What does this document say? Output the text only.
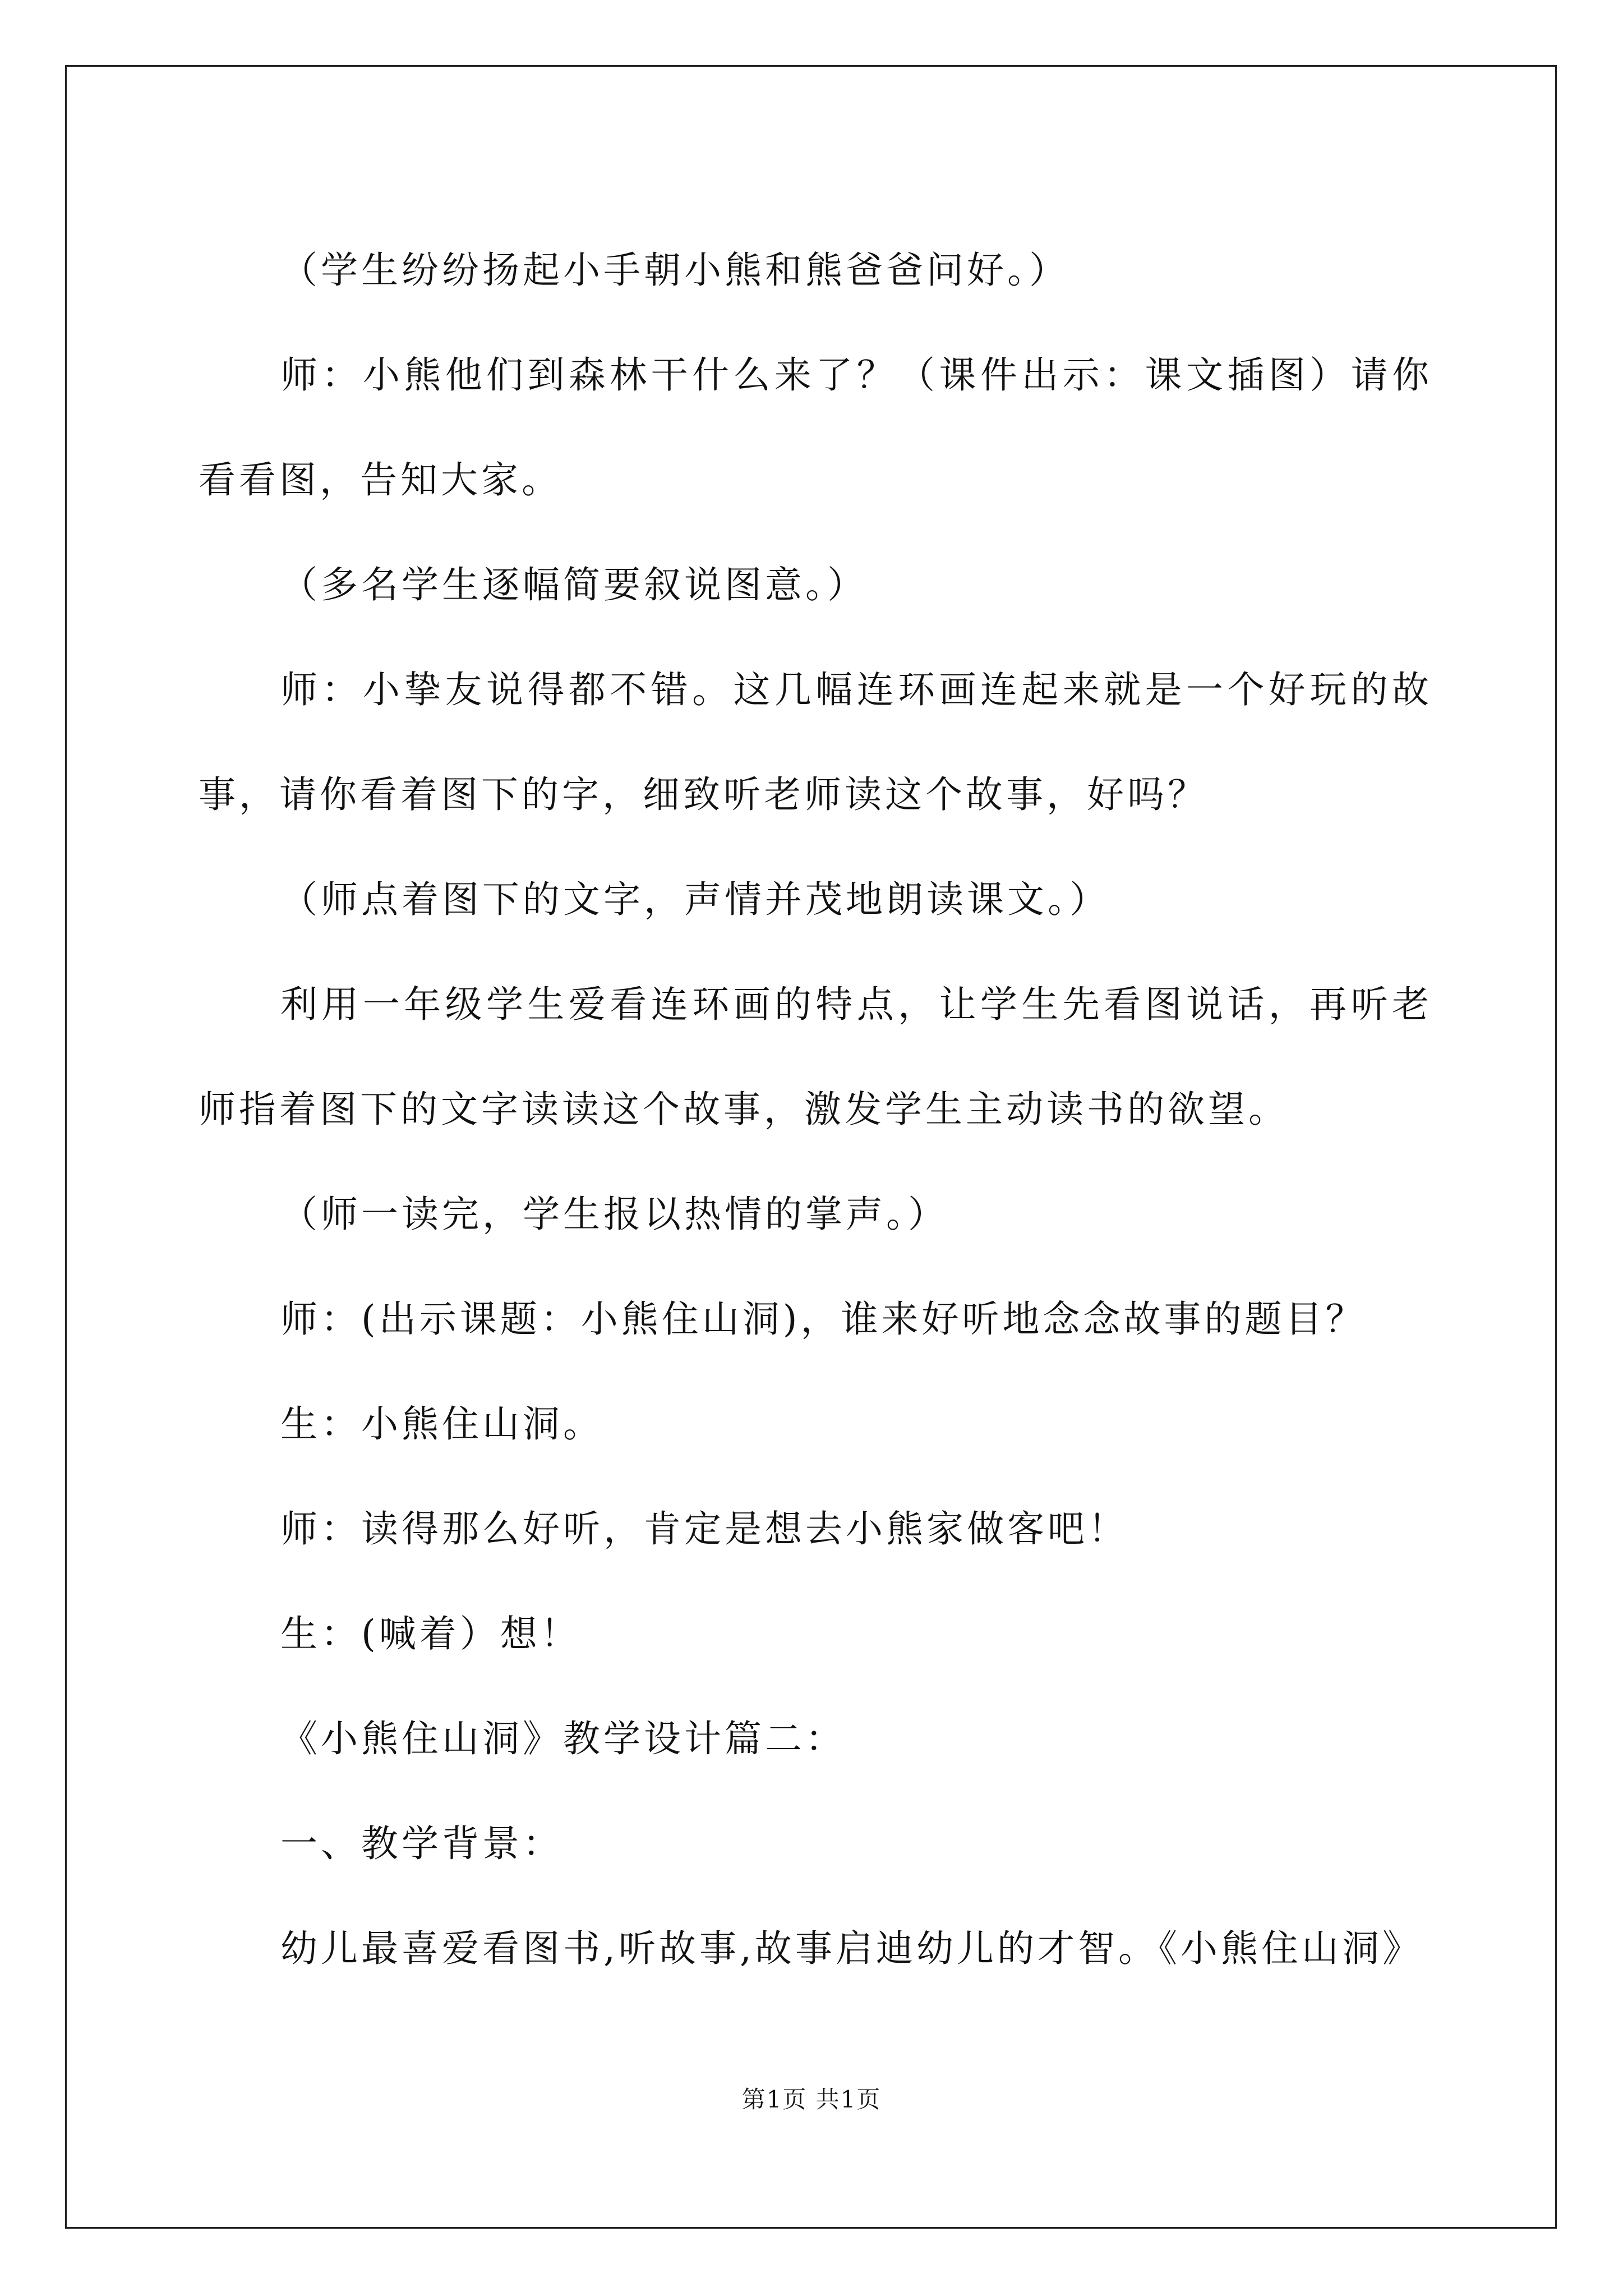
（学生纷纷扬起小手朝小熊和熊爸爸问好。）

师：小熊他们到森林干什么来了？（课件出示：课文插图）请你看看图，告知大家。

（多名学生逐幅简要叙说图意。）

师：小挚友说得都不错。这几幅连环画连起来就是一个好玩的故事，请你看着图下的字，细致听老师读这个故事，好吗？

（师点着图下的文字，声情并茂地朗读课文。）

利用一年级学生爱看连环画的特点，让学生先看图说话，再听老师指着图下的文字读读这个故事，激发学生主动读书的欲望。

（师一读完，学生报以热情的掌声。）

师：(出示课题：小熊住山洞)，谁来好听地念念故事的题目？

生：小熊住山洞。

师：读得那么好听，肯定是想去小熊家做客吧！

生：(喊着）想！

《小熊住山洞》教学设计篇二：

一、教学背景：

幼儿最喜爱看图书,听故事,故事启迪幼儿的才智。《小熊住山洞》

第1页 共1页
